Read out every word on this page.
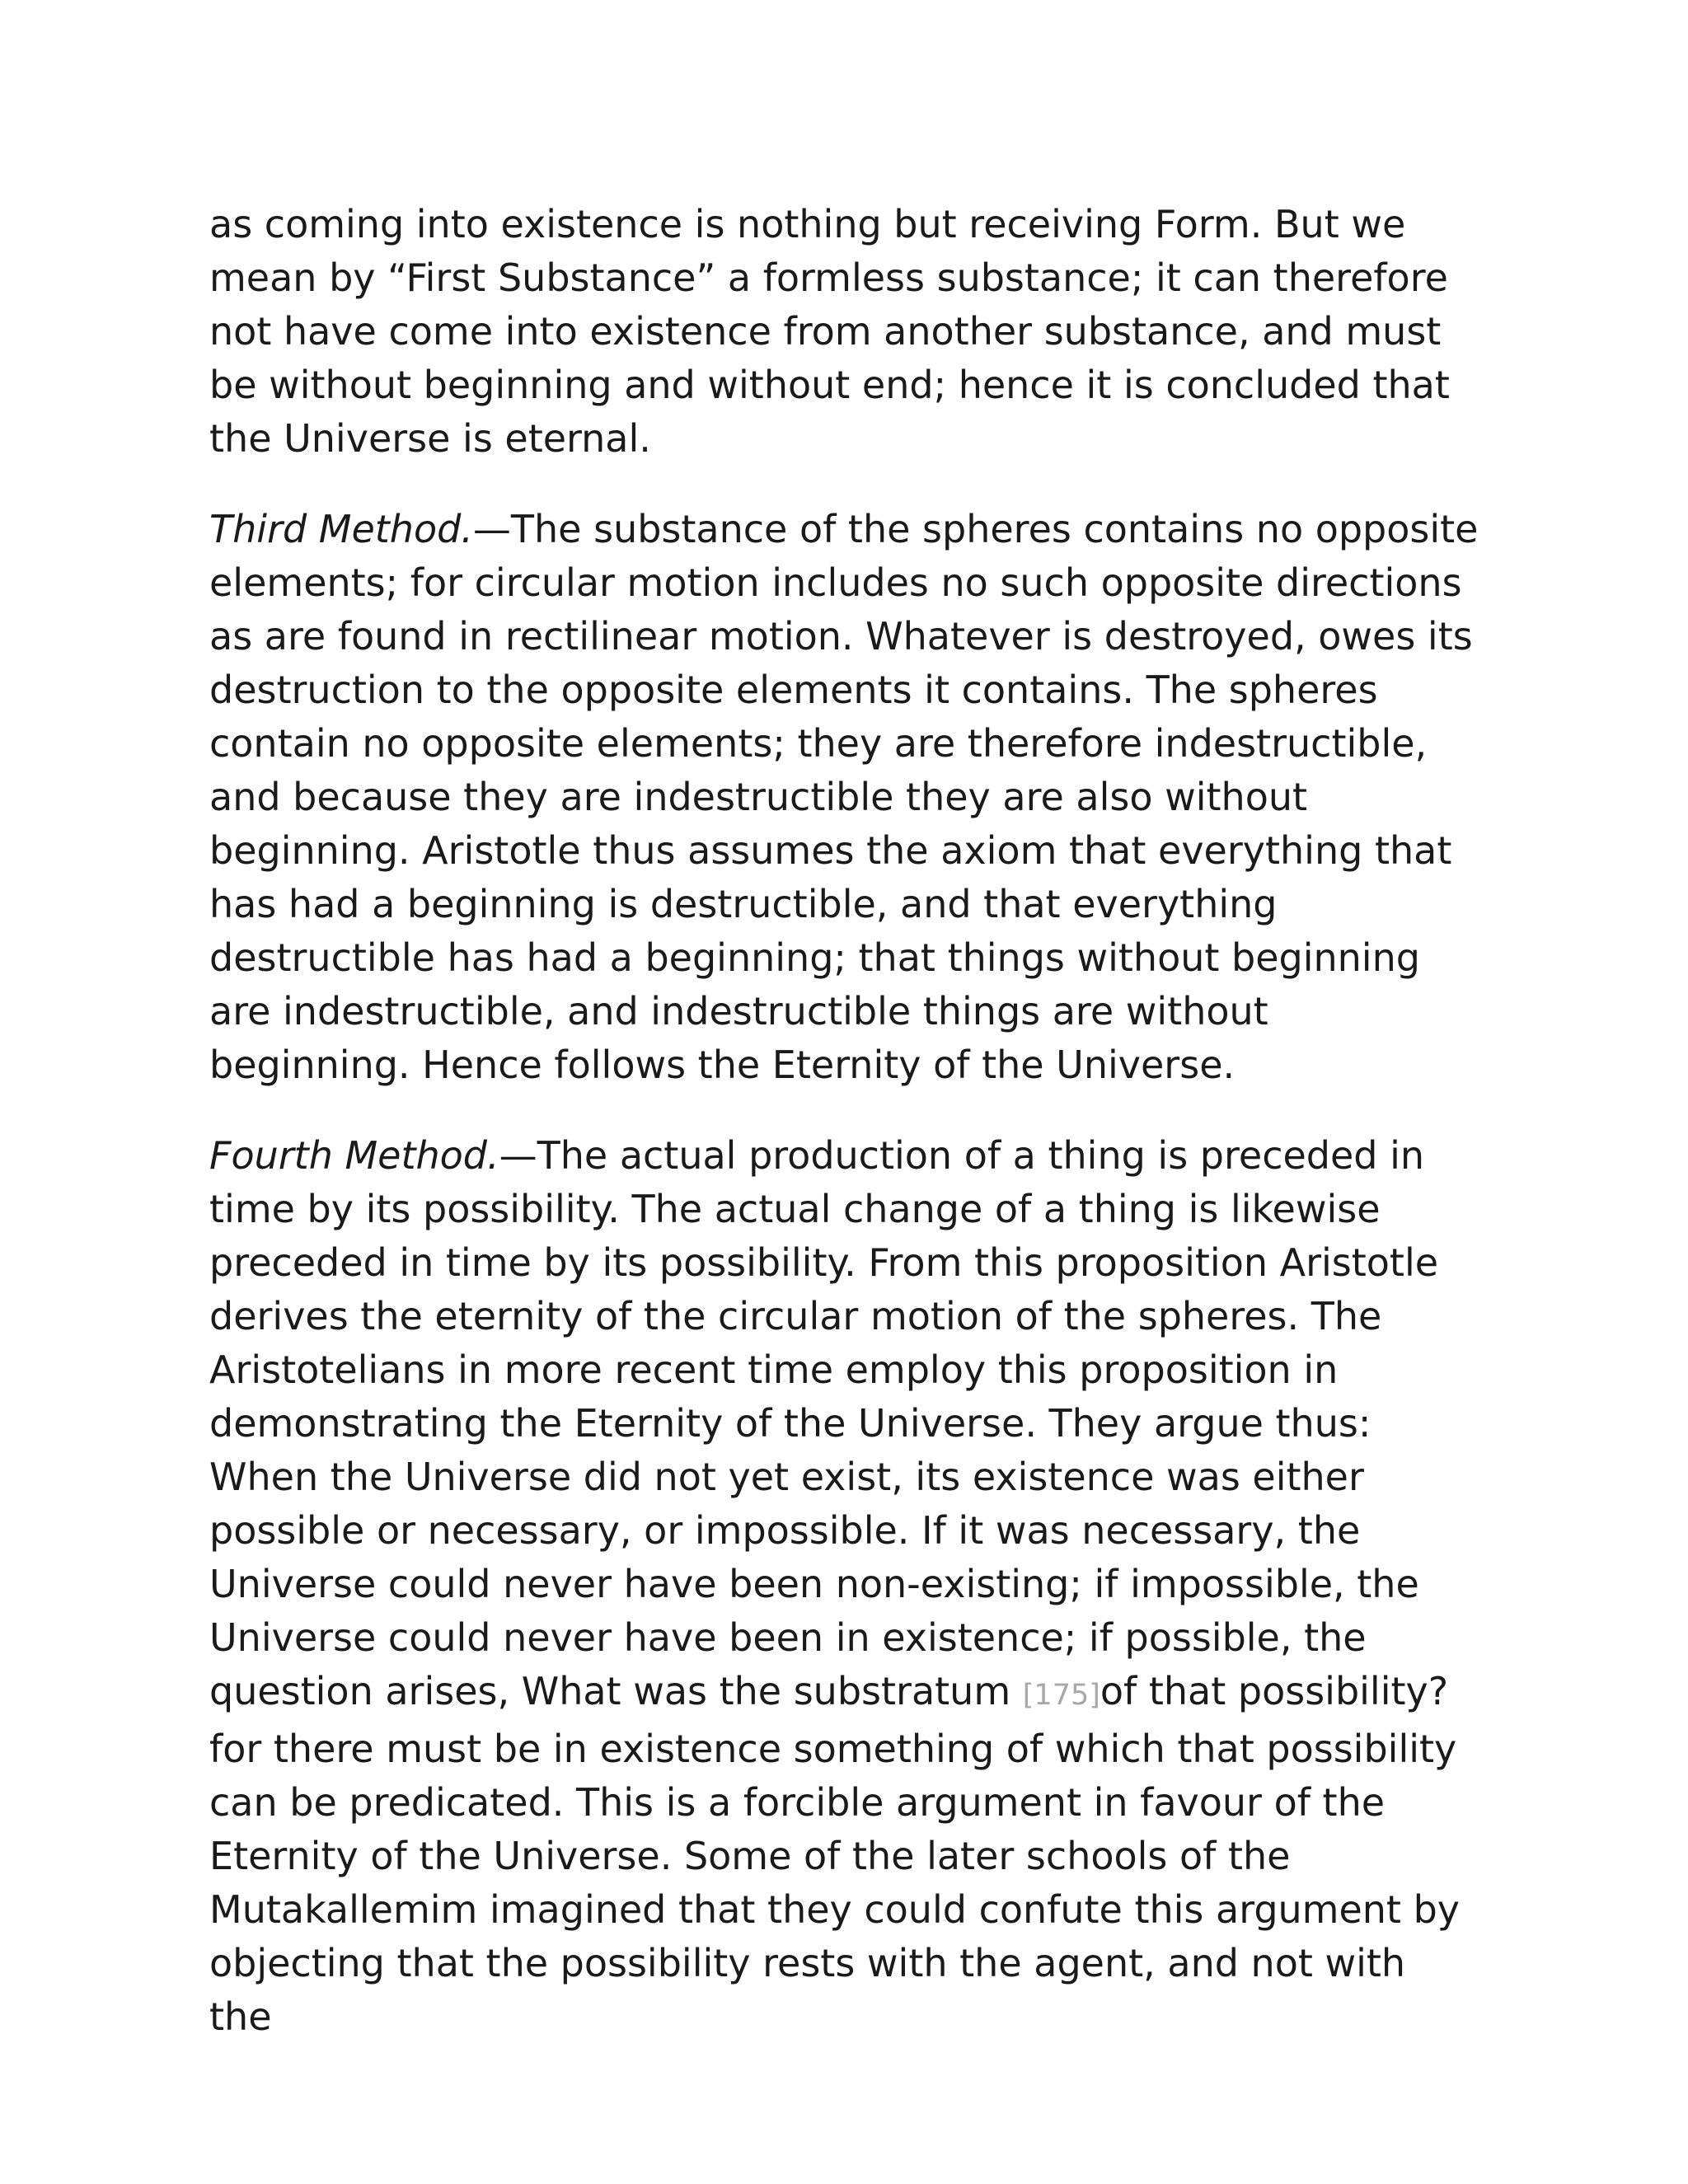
as coming into existence is nothing but receiving Form. But we mean by “First Substance” a formless substance; it can therefore not have come into existence from another substance, and must be without beginning and without end; hence it is concluded that the Universe is eternal.

Third Method.—The substance of the spheres contains no opposite elements; for circular motion includes no such opposite directions as are found in rectilinear motion. Whatever is destroyed, owes its destruction to the opposite elements it contains. The spheres contain no opposite elements; they are therefore indestructible, and because they are indestructible they are also without beginning. Aristotle thus assumes the axiom that everything that has had a beginning is destructible, and that everything destructible has had a beginning; that things without beginning are indestructible, and indestructible things are without beginning. Hence follows the Eternity of the Universe.

Fourth Method.—The actual production of a thing is preceded in time by its possibility. The actual change of a thing is likewise preceded in time by its possibility. From this proposition Aristotle derives the eternity of the circular motion of the spheres. The Aristotelians in more recent time employ this proposition in demonstrating the Eternity of the Universe. They argue thus: When the Universe did not yet exist, its existence was either possible or necessary, or impossible. If it was necessary, the Universe could never have been non-existing; if impossible, the Universe could never have been in existence; if possible, the question arises, What was the substratum [175]of that possibility? for there must be in existence something of which that possibility can be predicated. This is a forcible argument in favour of the Eternity of the Universe. Some of the later schools of the Mutakallemim imagined that they could confute this argument by objecting that the possibility rests with the agent, and not with the
